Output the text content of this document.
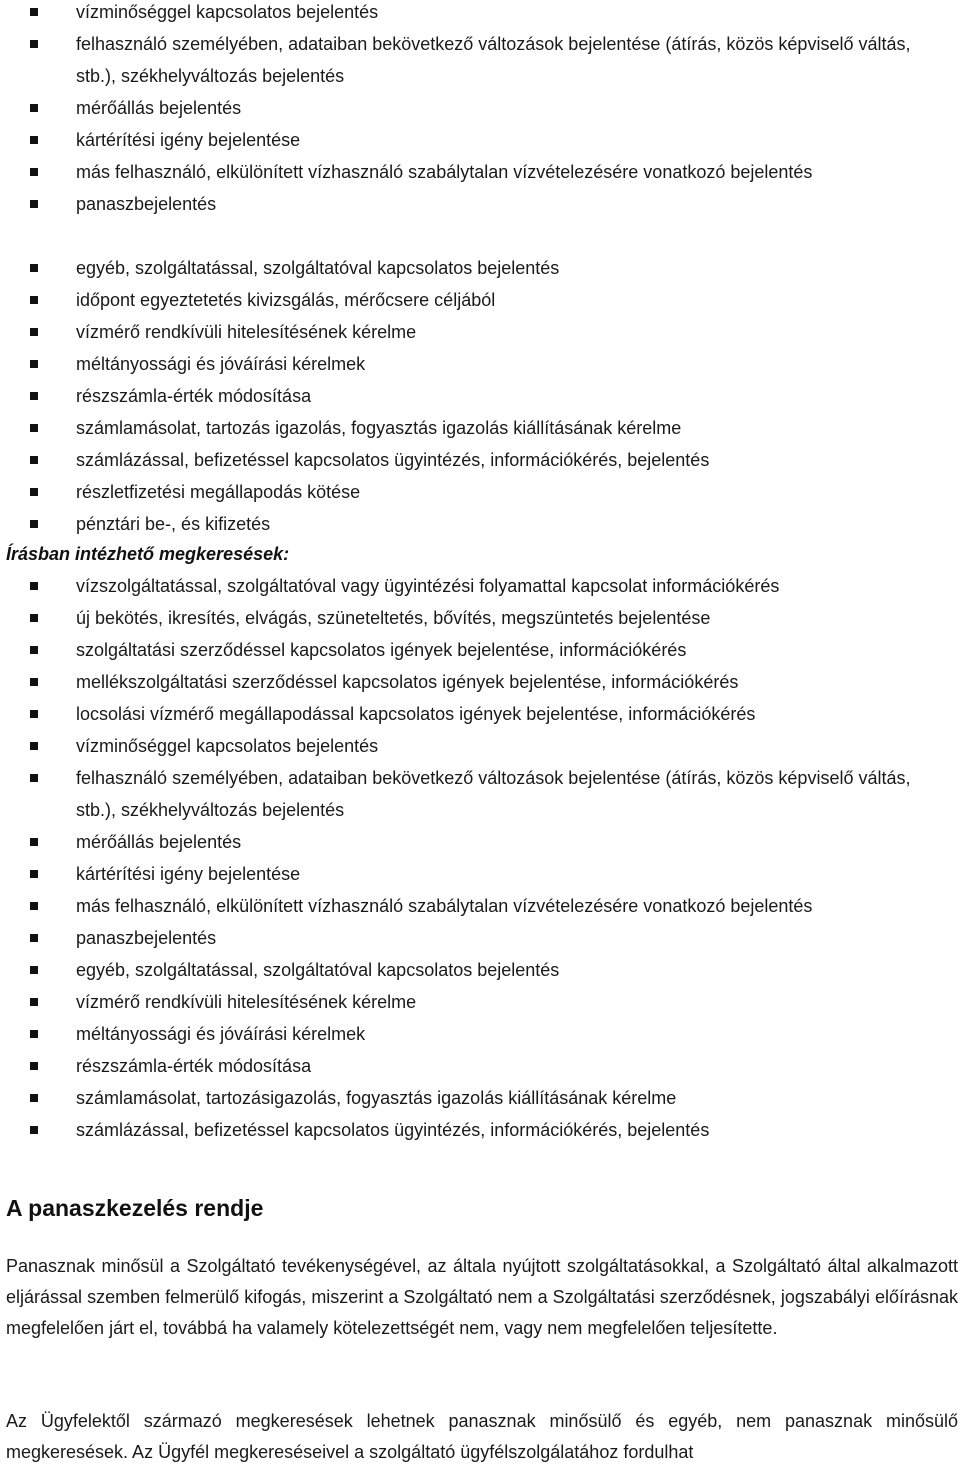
vízminőséggel kapcsolatos bejelentés
felhasználó személyében, adataiban bekövetkező változások bejelentése (átírás, közös képviselő váltás, stb.), székhelyváltozás bejelentés
mérőállás bejelentés
kártérítési igény bejelentése
más felhasználó, elkülönített vízhasználó szabálytalan vízvételezésére vonatkozó bejelentés
panaszbejelentés
egyéb, szolgáltatással, szolgáltatóval kapcsolatos bejelentés
időpont egyeztetetés kivizsgálás, mérőcsere céljából
vízmérő rendkívüli hitelesítésének kérelme
méltányossági és jóváírási kérelmek
részszámla-érték módosítása
számlamásolat, tartozás igazolás, fogyasztás igazolás kiállításának kérelme
számlázással, befizetéssel kapcsolatos ügyintézés, információkérés, bejelentés
részletfizetési megállapodás kötése
pénztári be-, és kifizetés
Írásban intézhető megkeresések:
vízszolgáltatással, szolgáltatóval vagy ügyintézési folyamattal kapcsolat információkérés
új bekötés, ikresítés, elvágás, szüneteltetés, bővítés, megszüntetés bejelentése
szolgáltatási szerződéssel kapcsolatos igények bejelentése, információkérés
mellékszolgáltatási szerződéssel kapcsolatos igények bejelentése, információkérés
locsolási vízmérő megállapodással kapcsolatos igények bejelentése, információkérés
vízminőséggel kapcsolatos bejelentés
felhasználó személyében, adataiban bekövetkező változások bejelentése (átírás, közös képviselő váltás, stb.), székhelyváltozás bejelentés
mérőállás bejelentés
kártérítési igény bejelentése
más felhasználó, elkülönített vízhasználó szabálytalan vízvételezésére vonatkozó bejelentés
panaszbejelentés
egyéb, szolgáltatással, szolgáltatóval kapcsolatos bejelentés
vízmérő rendkívüli hitelesítésének kérelme
méltányossági és jóváírási kérelmek
részszámla-érték módosítása
számlamásolat, tartozásigazolás, fogyasztás igazolás kiállításának kérelme
számlázással, befizetéssel kapcsolatos ügyintézés, információkérés, bejelentés
A panaszkezelés rendje

Panasznak minősül a Szolgáltató tevékenységével, az általa nyújtott szolgáltatásokkal, a Szolgáltató által alkalmazott eljárással szemben felmerülő kifogás, miszerint a Szolgáltató nem a Szolgáltatási szerződésnek, jogszabályi előírásnak megfelelően járt el, továbbá ha valamely kötelezettségét nem, vagy nem megfelelően teljesítette.

Az Ügyfelektől származó megkeresések lehetnek panasznak minősülő és egyéb, nem panasznak minősülő megkeresések. Az Ügyfél megkereséseivel a szolgáltató ügyfélszolgálatához fordulhat
